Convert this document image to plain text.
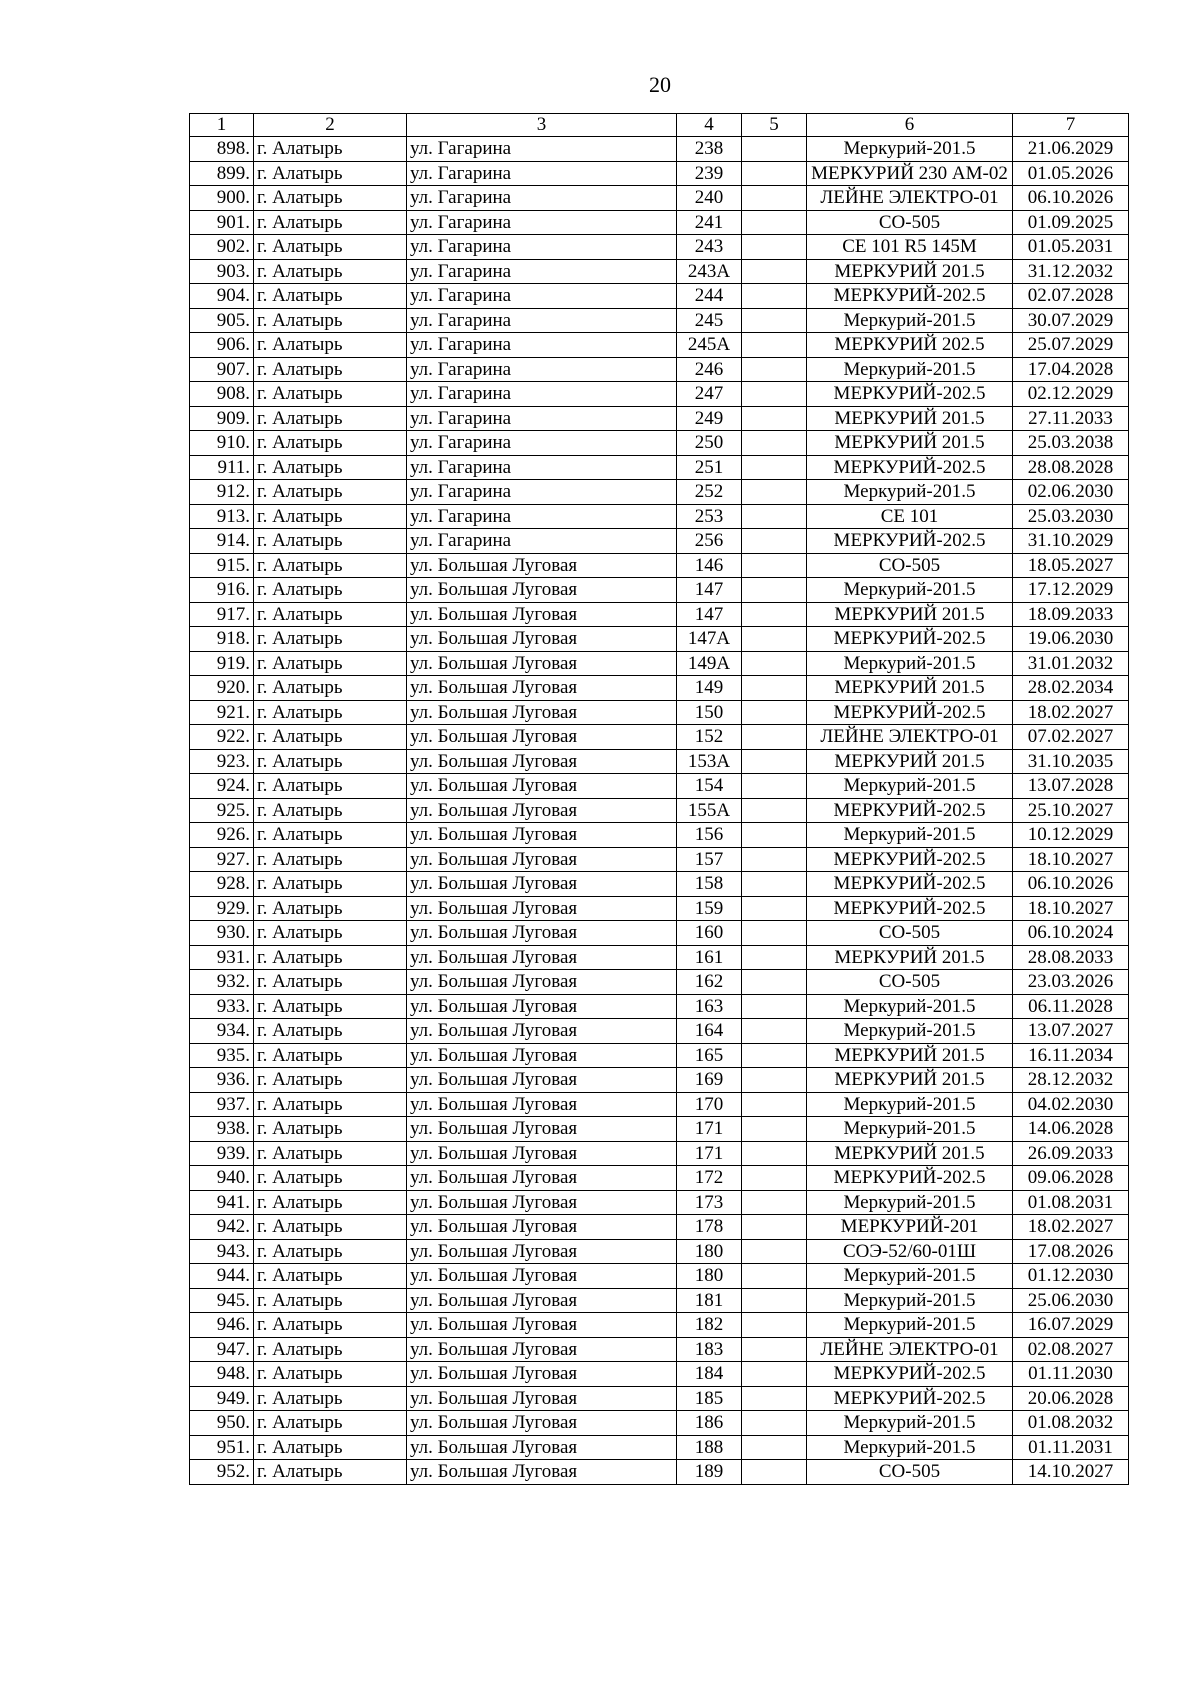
20
1	2	3	4	5	6	7
898.	г. Алатырь	ул. Гагарина	238		Меркурий-201.5	21.06.2029
899.	г. Алатырь	ул. Гагарина	239		МЕРКУРИЙ 230 АМ-02	01.05.2026
900.	г. Алатырь	ул. Гагарина	240		ЛЕЙНЕ ЭЛЕКТРО-01	06.10.2026
901.	г. Алатырь	ул. Гагарина	241		СО-505	01.09.2025
902.	г. Алатырь	ул. Гагарина	243		CE 101 R5 145M	01.05.2031
903.	г. Алатырь	ул. Гагарина	243А		МЕРКУРИЙ 201.5	31.12.2032
904.	г. Алатырь	ул. Гагарина	244		МЕРКУРИЙ-202.5	02.07.2028
905.	г. Алатырь	ул. Гагарина	245		Меркурий-201.5	30.07.2029
906.	г. Алатырь	ул. Гагарина	245А		МЕРКУРИЙ 202.5	25.07.2029
907.	г. Алатырь	ул. Гагарина	246		Меркурий-201.5	17.04.2028
908.	г. Алатырь	ул. Гагарина	247		МЕРКУРИЙ-202.5	02.12.2029
909.	г. Алатырь	ул. Гагарина	249		МЕРКУРИЙ 201.5	27.11.2033
910.	г. Алатырь	ул. Гагарина	250		МЕРКУРИЙ 201.5	25.03.2038
911.	г. Алатырь	ул. Гагарина	251		МЕРКУРИЙ-202.5	28.08.2028
912.	г. Алатырь	ул. Гагарина	252		Меркурий-201.5	02.06.2030
913.	г. Алатырь	ул. Гагарина	253		CE 101	25.03.2030
914.	г. Алатырь	ул. Гагарина	256		МЕРКУРИЙ-202.5	31.10.2029
915.	г. Алатырь	ул. Большая Луговая	146		СО-505	18.05.2027
916.	г. Алатырь	ул. Большая Луговая	147		Меркурий-201.5	17.12.2029
917.	г. Алатырь	ул. Большая Луговая	147		МЕРКУРИЙ 201.5	18.09.2033
918.	г. Алатырь	ул. Большая Луговая	147А		МЕРКУРИЙ-202.5	19.06.2030
919.	г. Алатырь	ул. Большая Луговая	149А		Меркурий-201.5	31.01.2032
920.	г. Алатырь	ул. Большая Луговая	149		МЕРКУРИЙ 201.5	28.02.2034
921.	г. Алатырь	ул. Большая Луговая	150		МЕРКУРИЙ-202.5	18.02.2027
922.	г. Алатырь	ул. Большая Луговая	152		ЛЕЙНЕ ЭЛЕКТРО-01	07.02.2027
923.	г. Алатырь	ул. Большая Луговая	153А		МЕРКУРИЙ 201.5	31.10.2035
924.	г. Алатырь	ул. Большая Луговая	154		Меркурий-201.5	13.07.2028
925.	г. Алатырь	ул. Большая Луговая	155А		МЕРКУРИЙ-202.5	25.10.2027
926.	г. Алатырь	ул. Большая Луговая	156		Меркурий-201.5	10.12.2029
927.	г. Алатырь	ул. Большая Луговая	157		МЕРКУРИЙ-202.5	18.10.2027
928.	г. Алатырь	ул. Большая Луговая	158		МЕРКУРИЙ-202.5	06.10.2026
929.	г. Алатырь	ул. Большая Луговая	159		МЕРКУРИЙ-202.5	18.10.2027
930.	г. Алатырь	ул. Большая Луговая	160		СО-505	06.10.2024
931.	г. Алатырь	ул. Большая Луговая	161		МЕРКУРИЙ 201.5	28.08.2033
932.	г. Алатырь	ул. Большая Луговая	162		СО-505	23.03.2026
933.	г. Алатырь	ул. Большая Луговая	163		Меркурий-201.5	06.11.2028
934.	г. Алатырь	ул. Большая Луговая	164		Меркурий-201.5	13.07.2027
935.	г. Алатырь	ул. Большая Луговая	165		МЕРКУРИЙ 201.5	16.11.2034
936.	г. Алатырь	ул. Большая Луговая	169		МЕРКУРИЙ 201.5	28.12.2032
937.	г. Алатырь	ул. Большая Луговая	170		Меркурий-201.5	04.02.2030
938.	г. Алатырь	ул. Большая Луговая	171		Меркурий-201.5	14.06.2028
939.	г. Алатырь	ул. Большая Луговая	171		МЕРКУРИЙ 201.5	26.09.2033
940.	г. Алатырь	ул. Большая Луговая	172		МЕРКУРИЙ-202.5	09.06.2028
941.	г. Алатырь	ул. Большая Луговая	173		Меркурий-201.5	01.08.2031
942.	г. Алатырь	ул. Большая Луговая	178		МЕРКУРИЙ-201	18.02.2027
943.	г. Алатырь	ул. Большая Луговая	180		СОЭ-52/60-01Ш	17.08.2026
944.	г. Алатырь	ул. Большая Луговая	180		Меркурий-201.5	01.12.2030
945.	г. Алатырь	ул. Большая Луговая	181		Меркурий-201.5	25.06.2030
946.	г. Алатырь	ул. Большая Луговая	182		Меркурий-201.5	16.07.2029
947.	г. Алатырь	ул. Большая Луговая	183		ЛЕЙНЕ ЭЛЕКТРО-01	02.08.2027
948.	г. Алатырь	ул. Большая Луговая	184		МЕРКУРИЙ-202.5	01.11.2030
949.	г. Алатырь	ул. Большая Луговая	185		МЕРКУРИЙ-202.5	20.06.2028
950.	г. Алатырь	ул. Большая Луговая	186		Меркурий-201.5	01.08.2032
951.	г. Алатырь	ул. Большая Луговая	188		Меркурий-201.5	01.11.2031
952.	г. Алатырь	ул. Большая Луговая	189		СО-505	14.10.2027
